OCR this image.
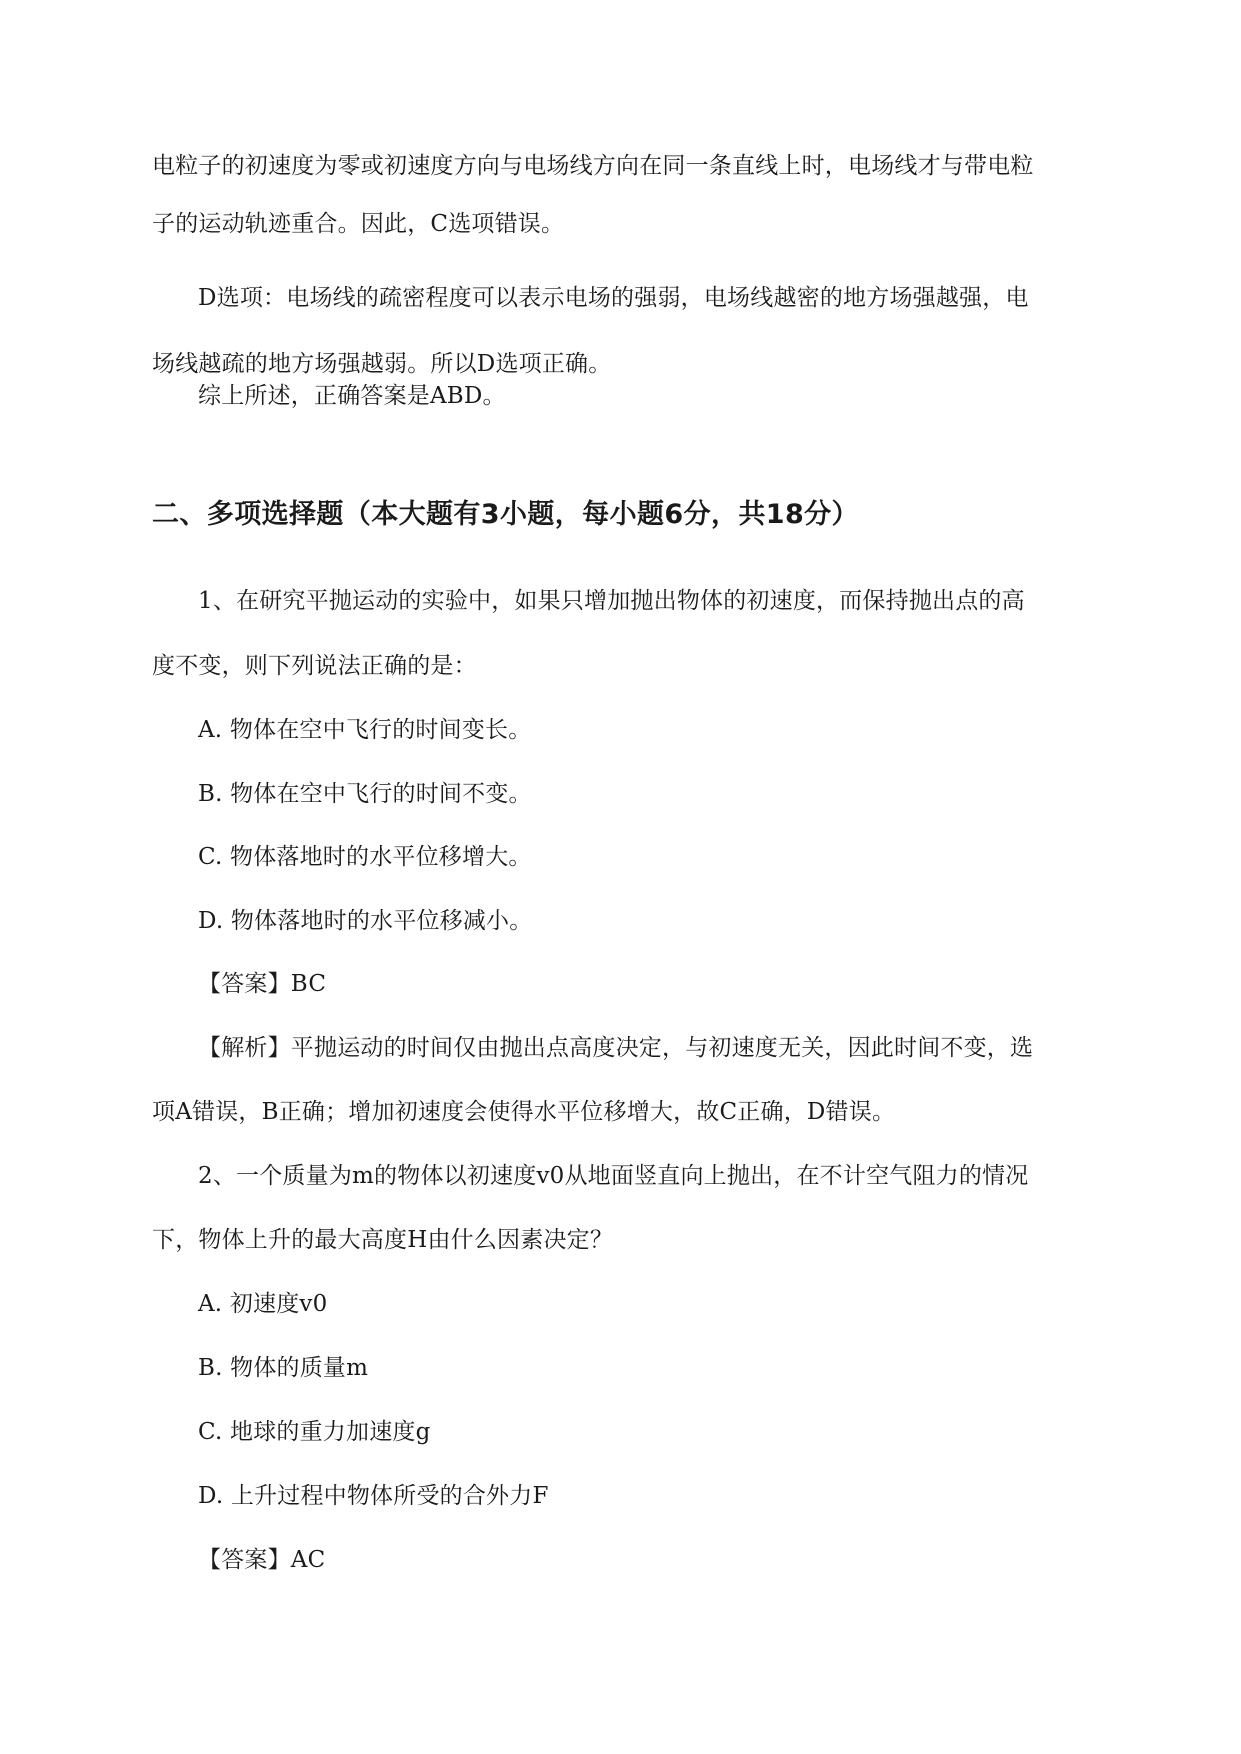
电粒子的初速度为零或初速度方向与电场线方向在同一条直线上时，电场线才与带电粒
子的运动轨迹重合。因此，C选项错误。
D选项：电场线的疏密程度可以表示电场的强弱，电场线越密的地方场强越强，电
场线越疏的地方场强越弱。所以D选项正确。
综上所述，正确答案是ABD。
二、多项选择题（本大题有3小题，每小题6分，共18分）
1、在研究平抛运动的实验中，如果只增加抛出物体的初速度，而保持抛出点的高
度不变，则下列说法正确的是：
A. 物体在空中飞行的时间变长。
B. 物体在空中飞行的时间不变。
C. 物体落地时的水平位移增大。
D. 物体落地时的水平位移减小。
【答案】BC
【解析】平抛运动的时间仅由抛出点高度决定，与初速度无关，因此时间不变，选
项A错误，B正确；增加初速度会使得水平位移增大，故C正确，D错误。
2、一个质量为m的物体以初速度v0从地面竖直向上抛出，在不计空气阻力的情况
下，物体上升的最大高度H由什么因素决定？
A. 初速度v0
B. 物体的质量m
C. 地球的重力加速度g
D. 上升过程中物体所受的合外力F
【答案】AC
